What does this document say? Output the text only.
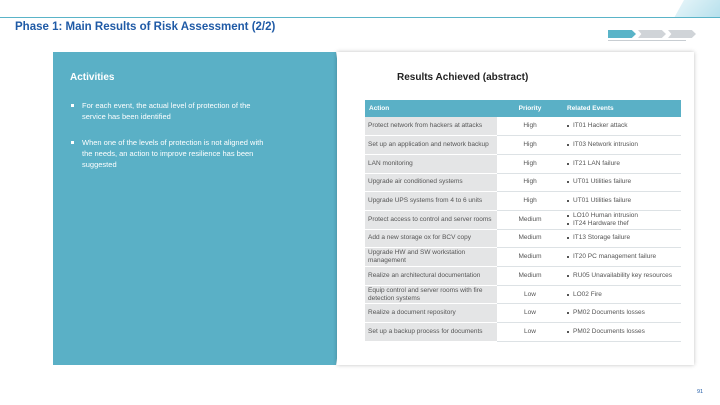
Phase 1: Main Results of Risk Assessment (2/2)
Activities
For each event, the actual level of protection of the service has been identified
When one of the levels of protection is not aligned with the needs, an action to improve resilience has been suggested
Results Achieved (abstract)
Action	Priority	Related Events
Protect network from hackers at attacks	High	IT01 Hacker attack

Set up an application and network backup	High	IT03 Network intrusion

LAN monitoring	High	IT21 LAN failure

Upgrade air conditioned systems	High	UT01 Utilities failure

Upgrade UPS systems from 4 to 6 units	High	UT01 Utilities failure

Protect access to control and server rooms	Medium	LO10 Human intrusion
IT24 Hardware thef

Add a new storage ox for BCV copy	Medium	IT13 Storage failure

Upgrade HW and SW workstation management	Medium	IT20 PC management failure

Realize an architectural documentation	Medium	RU05 Unavailability key resources

Equip control and server rooms with fire detection systems	Low	LO02 Fire

Realize a document repository	Low	PM02 Documents losses

Set up a backup process for documents	Low	PM02 Documents losses
91
